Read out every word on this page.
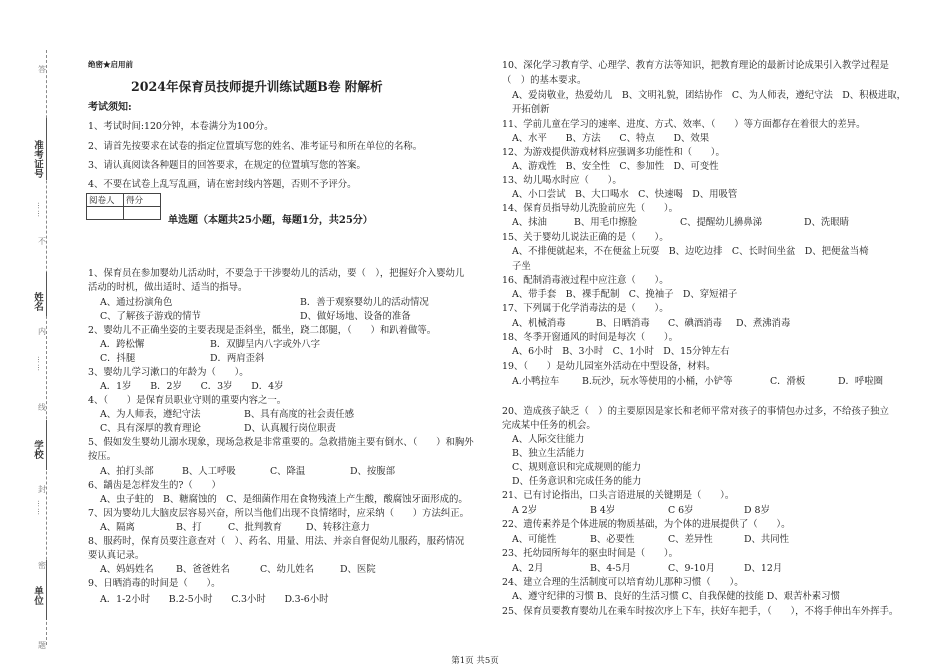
答
不
内
线
封
密
题
准考证号
姓名
学校
单位
……
……
……
绝密★启用前
2024年保育员技师提升训练试题B卷 附解析
考试须知:
1、考试时间:120分钟，本卷满分为100分。
2、请首先按要求在试卷的指定位置填写您的姓名、准考证号和所在单位的名称。
3、请认真阅读各种题目的回答要求，在规定的位置填写您的答案。
4、不要在试卷上乱写乱画，请在密封线内答题，否则不予评分。
阅卷人	得分

单选题（本题共25小题，每题1分，共25分）
1、保育员在参加婴幼儿活动时，不要急于干涉婴幼儿的活动，要（　），把握好介入婴幼儿
活动的时机，做出适时、适当的指导。
A、通过扮演角色	B．善于观察婴幼儿的活动情况
C、了解孩子游戏的情节	D、做好场地、设备的准备
2、婴幼儿不正确坐姿的主要表现是歪斜坐，骶坐，跷二郎腿，（　　）和趴着做等。
A．跨松懈	B．双脚呈内八字或外八字
C．抖腿	D．两肩歪斜
3、婴幼儿学习漱口的年龄为（　　）。
A．1岁　　B．2岁　　C．3岁　　D．4岁
4、（　　）是保育员职业守则的重要内容之一。
A、为人师表，遵纪守法	B、具有高度的社会责任感
C、具有深厚的教育理论	D、认真履行岗位职责
5、假如发生婴幼儿溺水现象，现场急救是非常重要的。急救措施主要有倒水、（　　）和胸外
按压。
A、拍打头部	B、人工呼吸	C、降温	D、按腹部
6、龋齿是怎样发生的?（　　）
A、虫子蛀的　B、糖腐蚀的　C、是细菌作用在食物残渣上产生酸，酸腐蚀牙面形成的。
7、因为婴幼儿大脑皮层容易兴奋，所以当他们出现不良情绪时，应采纳（　　）方法纠正。
A、隔离	B、打	C、批判教育	D、转移注意力
8、服药时，保育员要注意查对（　）、药名、用量、用法、并亲自督促幼儿服药，服药情况
要认真记录。
A、妈妈姓名 B、爸爸姓名	C、幼儿姓名	D、医院
9、日晒消毒的时间是（　　）。
A．1-2小时　　B.2-5小时　　C.3小时　　D.3-6小时
10、深化学习教育学、心理学、教育方法等知识，把教育理论的最新讨论成果引入教学过程是
（　）的基本要求。
A、爱岗敬业，热爱幼儿　B、文明礼貌，团结协作　C、为人师表，遵纪守法　D、积极进取，
开拓创新
11、学前儿童在学习的速率、进度、方式、效率、（　　）等方面都存在着很大的差异。
A、水平　　B、方法　　C、特点　　D、效果
12、为游戏提供游戏材料应强调多功能性和（　　）。
A、游戏性　B、安全性　C、参加性　D、可变性
13、幼儿喝水时应（　　）。
A、小口尝试　B、大口喝水　C、快速喝　D、用吸管
14、保育员指导幼儿洗脸前应先（　　）。
A、抹油	B、用毛巾擦脸	C、提醒幼儿擤鼻涕	D、洗眼睛
15、关于婴幼儿说法正确的是（　　）。
A、不排便就起来，不在便盆上玩耍　B、边吃边排　C、长时间坐盆　D、把便盆当椅
子坐
16、配制消毒液过程中应注意（　　）。
A、带手套　B、裸手配制　C、挽袖子　D、穿短裙子
17、下列属于化学消毒法的是（　　）。
A、机械消毒	B、日晒消毒 C、碘酒消毒 D、煮沸消毒
18、冬季开窗通风的时间是每次（　　）。
A、6小时　B、3小时　C、1小时　D、15分钟左右
19、（　　）是幼儿园室外活动在中型设备，材料。
A.小鸭拉车 B.玩沙，玩水等使用的小桶，小铲等	C．滑板	D．呼啦圈
20、造成孩子缺乏（　）的主要原因是家长和老师平常对孩子的事情包办过多，不给孩子独立
完成某中任务的机会。
A、人际交往能力
B、独立生活能力
C、规则意识和完成规则的能力
D、任务意识和完成任务的能力
21、已有讨论指出，口头言语进展的关键期是（　　）。
A 2岁	B 4岁	C 6岁	D 8岁
22、遗传素养是个体进展的物质基础，为个体的进展提供了（　　）。
A、可能性	B、必要性	C、差异性	D、共同性
23、托幼园所每年的驱虫时间是（　　）。
A、2月	B、4-5月	C、9-10月	D、12月
24、建立合理的生活制度可以培育幼儿那种习惯（　　）。
A、遵守纪律的习惯 B、良好的生活习惯 C、自我保健的技能 D、艰苦朴素习惯
25、保育员要教育婴幼儿在乘车时按次序上下车，扶好车把手，（　　），不将手伸出车外挥手。
第1页 共5页
